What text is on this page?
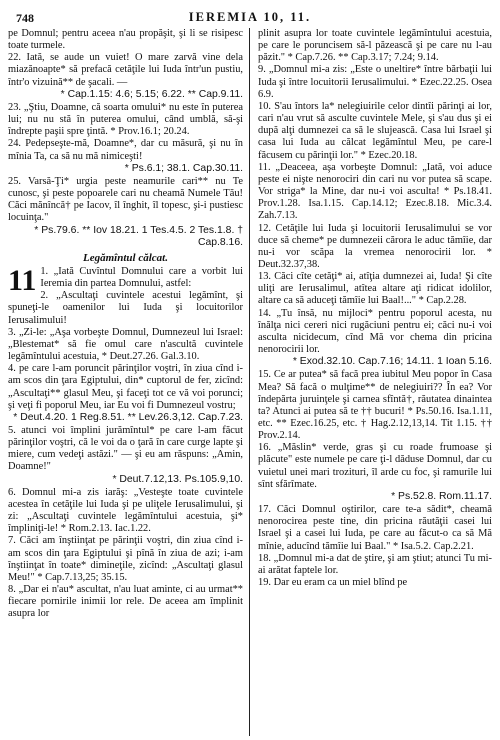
748	IEREMIA 10, 11.

pe Domnul; pentru aceea n'au propăşit, şi li se risipesc toate turmele.

22. Iată, se aude un vuiet! O mare zarvă vine dela miazănoapte* să prefacă cetăţile lui Iuda într'un pustiu, într'o vizuină** de şacali. —

* Cap.1.15: 4.6; 5.15; 6.22. ** Cap.9.11.

23. „Ştiu, Doamne, că soarta omului* nu este în puterea lui; nu nu stă în puterea omului, când umblă, să-şi îndrepte paşii spre ţintă. * Prov.16.1; 20.24.

24. Pedepseşte-mă, Doamne*, dar cu măsură, şi nu în mînia Ta, ca să nu mă nimiceşti!

* Ps.6.1; 38.1. Cap.30.11.

25. Varsă-Ţi* urgia peste neamurile cari** nu Te cunosc, şi peste popoarele cari nu cheamă Numele Tău! Căci mănîncă† pe Iacov, îl înghit, îl topesc, şi-i pustiesc locuinţa."

* Ps.79.6. ** Iov 18.21. 1 Tes.4.5. 2 Tes.1.8. † Cap.8.16.

Legămîntul călcat.

11 1. „Iată Cuvîntul Domnului care a vorbit lui Ieremia din partea Domnului, astfel:

2. „Ascultaţi cuvintele acestui legămînt, şi spuneţi-le oamenilor lui Iuda şi locuitorilor Ierusalimului!

3. „Zi-le: „Aşa vorbeşte Domnul, Dumnezeul lui Israel: „Blestemat* să fie omul care n'ascultă cuvintele legămîntului acestuia, * Deut.27.26. Gal.3.10.

4. pe care l-am poruncit părinţilor voştri, în ziua cînd i-am scos din ţara Egiptului, din* cuptorul de fer, zicînd: „Ascultaţi** glasul Meu, şi faceţi tot ce vă voi porunci; şi veţi fi poporul Meu, iar Eu voi fi Dumnezeul vostru;

* Deut.4.20. 1 Reg.8.51. ** Lev.26.3,12. Cap.7.23.

5. atunci voi împlini jurămîntul* pe care l-am făcut părinţilor voştri, că le voi da o ţară în care curge lapte şi miere, cum vedeţi astăzi." — şi eu am răspuns: „Amin, Doamne!"

* Deut.7.12,13. Ps.105.9,10.

6. Domnul mi-a zis iarăş: „Vesteşte toate cuvintele acestea în cetăţile lui Iuda şi pe uliţele Ierusalimului, şi zi: „Ascultaţi cuvintele legămîntului acestuia, şi* împliniţi-le! * Rom.2.13. Iac.1.22.

7. Căci am înştiinţat pe părinţii voştri, din ziua cînd i-am scos din ţara Egiptului şi pînă în ziua de azi; i-am înştiinţat în toate* dimineţile, zicînd: „Ascultaţi glasul Meu!" * Cap.7.13,25; 35.15.

8. „Dar ei n'au* ascultat, n'au luat aminte, ci au urmat** fiecare pornirile inimii lor rele. De aceea am împlinit asupra lor

plinit asupra lor toate cuvintele legămîntului acestuia, pe care le poruncisem să-l păzească şi pe care nu l-au păzit." * Cap.7.26. ** Cap.3.17; 7.24; 9.14.

9. „Domnul mi-a zis: „Este o uneltire* între bărbaţii lui Iuda şi între locuitorii Ierusalimului. * Ezec.22.25. Osea 6.9.

10. S'au întors la* nelegiuirile celor dintîi părinţi ai lor, cari n'au vrut să asculte cuvintele Mele, şi s'au dus şi ei după alţi dumnezei ca să le slujească. Casa lui Israel şi casa lui Iuda au călcat legămîntul Meu, pe care-l făcusem cu părinţii lor." * Ezec.20.18.

11. „Deaceea, aşa vorbeşte Domnul: „Iată, voi aduce peste ei nişte nenorociri din cari nu vor putea să scape. Vor striga* la Mine, dar nu-i voi asculta! * Ps.18.41. Prov.1.28. Isa.1.15. Cap.14.12; Ezec.8.18. Mic.3.4. Zah.7.13.

12. Cetăţile lui Iuda şi locuitorii Ierusalimului se vor duce să cheme* pe dumnezeii cărora le aduc tămîie, dar nu-i vor scăpa la vremea nenorocirii lor. * Deut.32.37,38.

13. Căci cîte cetăţi* ai, atîţia dumnezei ai, Iuda! Şi cîte uliţi are Ierusalimul, atîtea altare aţi ridicat idolilor, altare ca să aduceţi tămîie lui Baal!..." * Cap.2.28.

14. „Tu însă, nu mijloci* pentru poporul acesta, nu înălţa nici cereri nici rugăciuni pentru ei; căci nu-i voi asculta nicidecum, cînd Mă vor chema din pricina nenorocirii lor.

* Exod.32.10. Cap.7.16; 14.11. 1 Ioan 5.16.

15. Ce ar putea* să facă prea iubitul Meu popor în Casa Mea? Să facă o mulţime** de nelegiuiri?? În ea? Vor îndepărta juruinţele şi carnea sfîntă†, răutatea dinaintea ta? Atunci ai putea să te †† bucuri! * Ps.50.16. Isa.1.11, etc. ** Ezec.16.25, etc. † Hag.2.12,13,14. Tit 1.15. †† Prov.2.14.

16. „Măslin* verde, gras şi cu roade frumoase şi plăcute" este numele pe care ţi-l dăduse Domnul, dar cu vuietul unei mari trozituri, îl arde cu foc, şi ramurile lui sînt sfărîmate.

* Ps.52.8. Rom.11.17.

17. Căci Domnul oştirilor, care te-a sădit*, cheamă nenorocirea peste tine, din pricina răutăţii casei lui Israel şi a casei lui Iuda, pe care au făcut-o ca să Mă mînie, aducînd tămîie lui Baal." * Isa.5.2. Cap.2.21.

18. „Domnul mi-a dat de ştire, şi am ştiut; atunci Tu mi-ai arătat faptele lor.

19. Dar eu eram ca un miel blînd pe
